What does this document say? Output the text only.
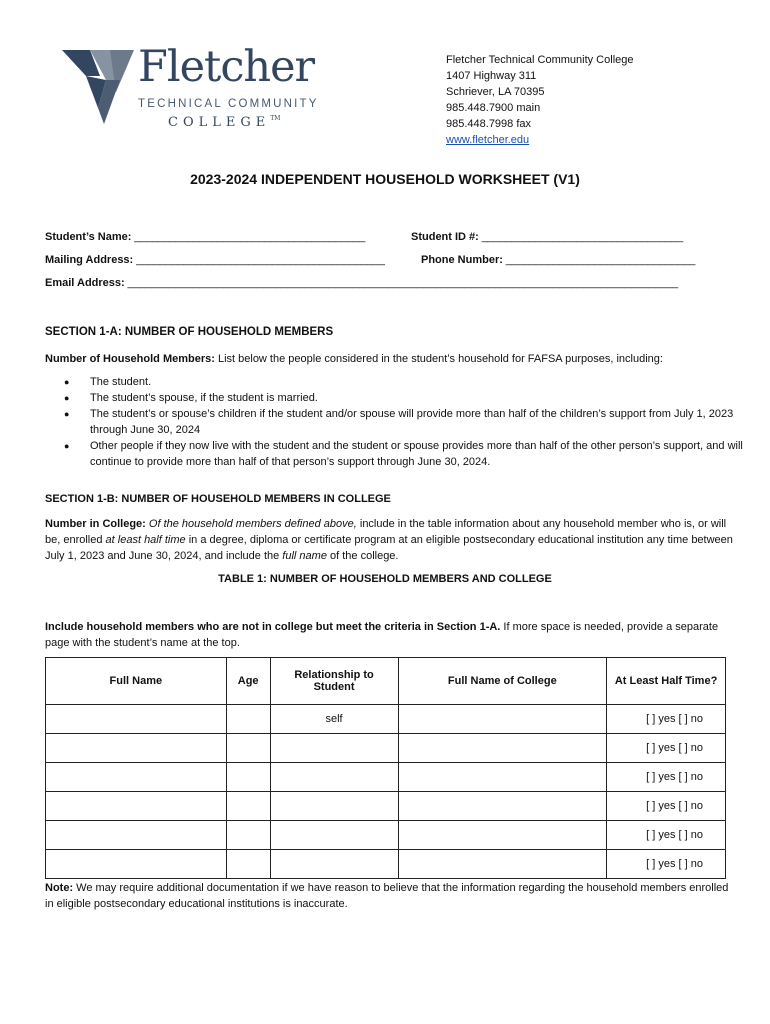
Fletcher
TECHNICAL COMMUNITY
COLLEGE™
Fletcher Technical Community College
1407 Highway 311
Schriever, LA 70395
985.448.7900 main
985.448.7998 fax
www.fletcher.edu
2023-2024 INDEPENDENT HOUSEHOLD WORKSHEET (V1)
Student’s Name: _______________________________________	Student ID #: __________________________________
Mailing Address: __________________________________________	Phone Number: ________________________________
Email Address: _____________________________________________________________________________________________
SECTION 1-A: NUMBER OF HOUSEHOLD MEMBERS
Number of Household Members: List below the people considered in the student’s household for FAFSA purposes, including:
● The student.
● The student’s spouse, if the student is married.
● The student’s or spouse’s children if the student and/or spouse will provide more than half of the children’s support from July 1, 2023 through June 30, 2024
● Other people if they now live with the student and the student or spouse provides more than half of the other person’s support, and will continue to provide more than half of that person’s support through June 30, 2024.
SECTION 1-B: NUMBER OF HOUSEHOLD MEMBERS IN COLLEGE
Number in College: Of the household members defined above, include in the table information about any household member who is, or will be, enrolled at least half time in a degree, diploma or certificate program at an eligible postsecondary educational institution any time between July 1, 2023 and June 30, 2024, and include the full name of the college.
TABLE 1: NUMBER OF HOUSEHOLD MEMBERS AND COLLEGE
Include household members who are not in college but meet the criteria in Section 1-A. If more space is needed, provide a separate page with the student’s name at the top.
Full Name	Age	Relationship to Student	Full Name of College	At Least Half Time?
		self		[ ] yes [ ] no
				[ ] yes [ ] no
				[ ] yes [ ] no
				[ ] yes [ ] no
				[ ] yes [ ] no
				[ ] yes [ ] no
Note: We may require additional documentation if we have reason to believe that the information regarding the household members enrolled in eligible postsecondary educational institutions is inaccurate.
